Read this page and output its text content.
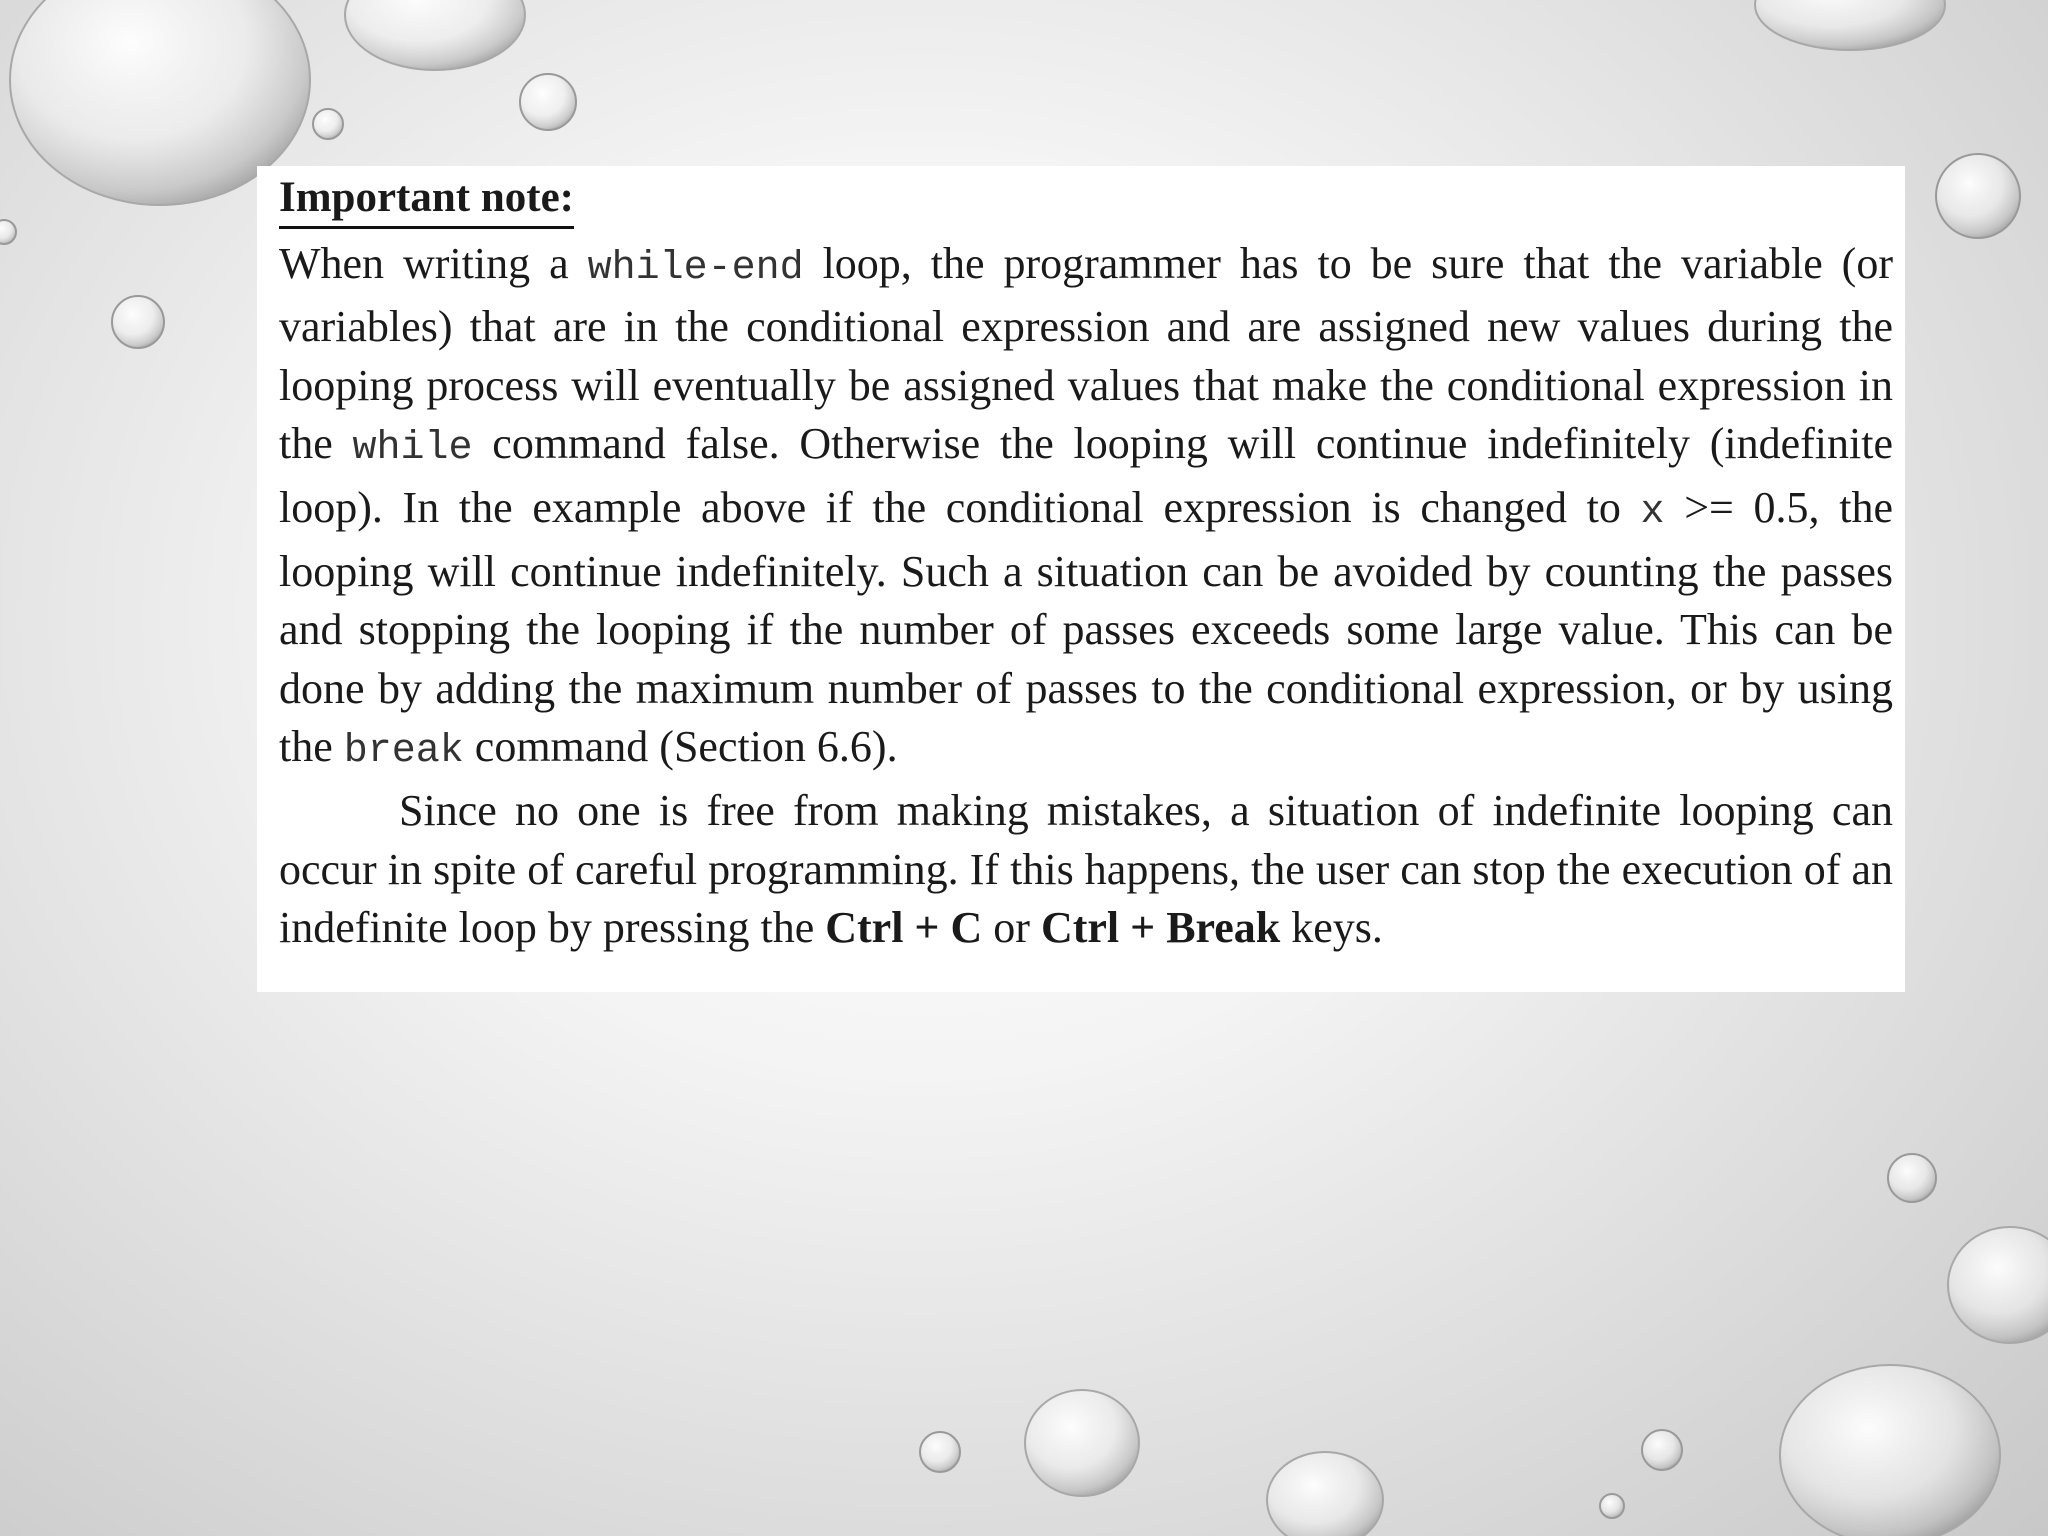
Important note:

When writing a while-end loop, the programmer has to be sure that the variable (or variables) that are in the conditional expression and are assigned new values during the looping process will eventually be assigned values that make the conditional expression in the while command false. Otherwise the looping will continue indefinitely (indefinite loop). In the example above if the conditional expression is changed to x >= 0.5, the looping will continue indefinitely. Such a situation can be avoided by counting the passes and stopping the looping if the number of passes exceeds some large value. This can be done by adding the maximum number of passes to the conditional expression, or by using the break command (Section 6.6).

Since no one is free from making mistakes, a situation of indefinite looping can occur in spite of careful programming. If this happens, the user can stop the execution of an indefinite loop by pressing the Ctrl + C or Ctrl + Break keys.
